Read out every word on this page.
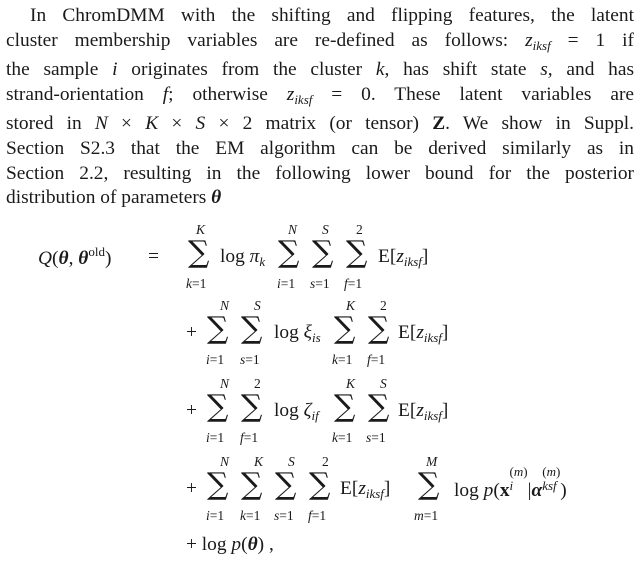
In ChromDMM with the shifting and flipping features, the latent
cluster membership variables are re-defined as follows: $z_{iksf} = 1$ if
the sample i originates from the cluster k, has shift state s, and has
strand-orientation f; otherwise $z_{iksf} = 0$. These latent variables are
stored in N × K × S × 2 matrix (or tensor) Z. We show in Suppl.
Section S2.3 that the EM algorithm can be derived similarly as in
Section 2.2, resulting in the following lower bound for the posterior
distribution of parameters θ
Q(θ, $\theta^{old}$) =
K
∑
k=1
$\log \pi_k$
N
∑
i=1
S
∑
s=1
2
∑
f=1
$E[z_{iksf}]$
+
N
∑
i=1
S
∑
s=1
$\log \xi_{is}$
K
∑
k=1
2
∑
f=1
$E[z_{iksf}]$
+
N
∑
i=1
2
∑
f=1
$\log \zeta_{if}$
K
∑
k=1
S
∑
s=1
$E[z_{iksf}]$
+
N
∑
i=1
K
∑
k=1
S
∑
s=1
2
∑
f=1
$E[z_{iksf}]$
M
∑
m=1
log p(x
(m)
i |α
(m)
ksf )
+ log p(θ) ,
